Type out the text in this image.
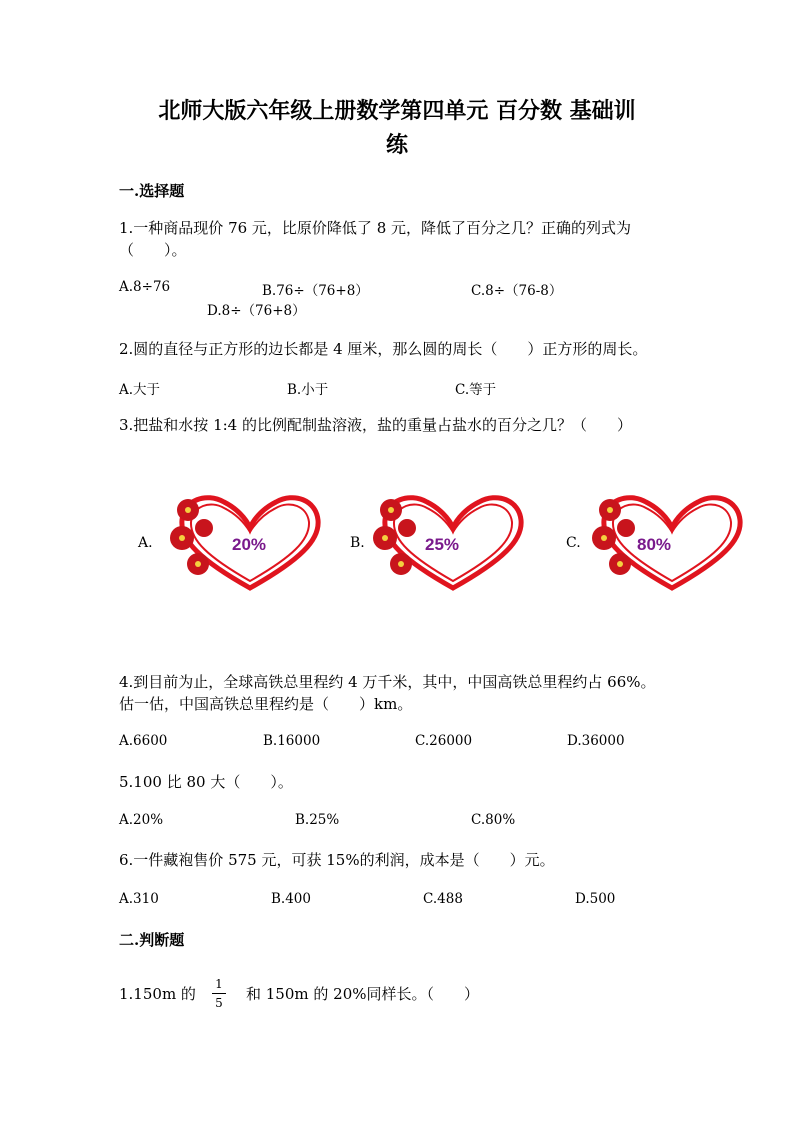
北师大版六年级上册数学第四单元 百分数 基础训
练
一.选择题
1.一种商品现价 76 元，比原价降低了 8 元，降低了百分之几？正确的列式为
（　　）。
A.8÷76	B.76÷（76+8）	C.8÷（76-8）
D.8÷（76+8）
2.圆的直径与正方形的边长都是 4 厘米，那么圆的周长（　　）正方形的周长。
A.大于	B.小于	C.等于
3.把盐和水按 1:4 的比例配制盐溶液，盐的重量占盐水的百分之几？（　　）
A.	20%	B.	25%	C.	80%
4.到目前为止，全球高铁总里程约 4 万千米，其中，中国高铁总里程约占 66%。
估一估，中国高铁总里程约是（　　）km。
A.6600	B.16000	C.26000	D.36000
5.100 比 80 大（　　）。
A.20%	B.25%	C.80%
6.一件藏袍售价 575 元，可获 15%的利润，成本是（　　）元。
A.310	B.400	C.488	D.500
二.判断题
1.150m 的
1
5 和 150m 的 20%同样长。（　　）
